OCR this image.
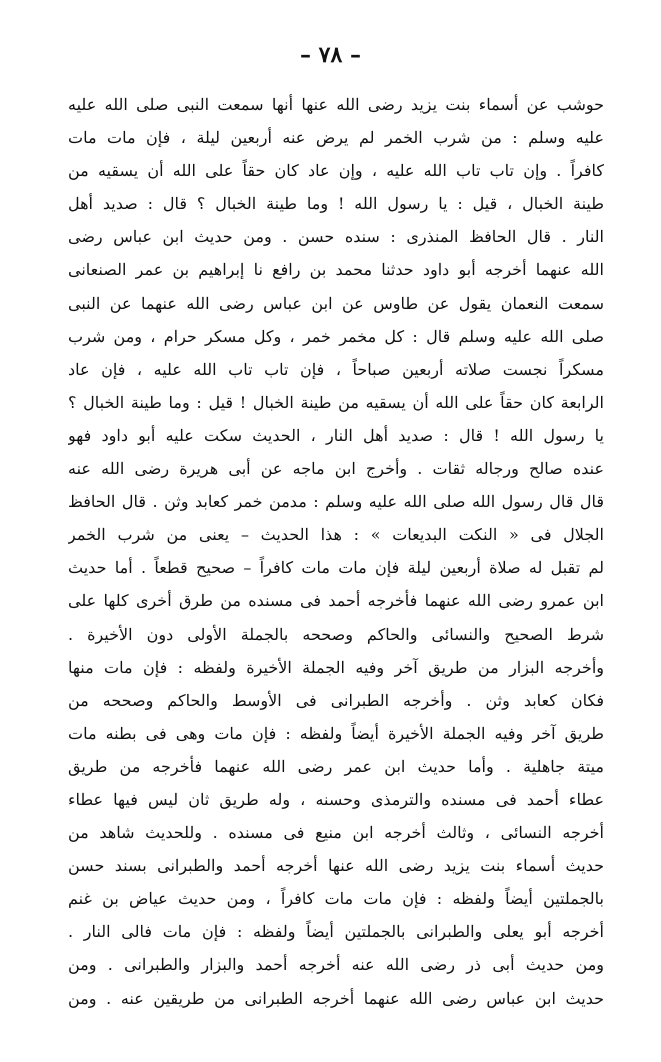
– ٧٨ –
حوشب عن أسماء بنت يزيد رضى الله عنها أنها سمعت النبى صلى الله عليه
عليه وسلم : من شرب الخمر لم يرض عنه أربعين ليلة ، فإن مات مات
كافراً . وإن تاب تاب الله عليه ، وإن عاد كان حقاً على الله أن يسقيه من
طينة الخبال ، قيل : يا رسول الله ! وما طينة الخبال ؟ قال : صديد أهل
النار . قال الحافظ المنذرى : سنده حسن . ومن حديث ابن عباس رضى
الله عنهما أخرجه أبو داود حدثنا محمد بن رافع نا إبراهيم بن عمر الصنعانى
سمعت النعمان يقول عن طاوس عن ابن عباس رضى الله عنهما عن النبى
صلى الله عليه وسلم قال : كل مخمر خمر ، وكل مسكر حرام ، ومن شرب
مسكراً نجست صلاته أربعين صباحاً ، فإن تاب تاب الله عليه ، فإن عاد
الرابعة كان حقاً على الله أن يسقيه من طينة الخبال ! قيل : وما طينة الخبال ؟
يا رسول الله ! قال : صديد أهل النار ، الحديث سكت عليه أبو داود فهو
عنده صالح ورجاله ثقات . وأخرج ابن ماجه عن أبى هريرة رضى الله عنه
قال قال رسول الله صلى الله عليه وسلم : مدمن خمر كعابد وثن . قال الحافظ
الجلال فى « النكت البديعات » : هذا الحديث – يعنى من شرب الخمر
لم تقبل له صلاة أربعين ليلة فإن مات مات كافراً – صحيح قطعاً . أما حديث
ابن عمرو رضى الله عنهما فأخرجه أحمد فى مسنده من طرق أخرى كلها على
شرط الصحيح والنسائى والحاكم وصححه بالجملة الأولى دون الأخيرة .
وأخرجه البزار من طريق آخر وفيه الجملة الأخيرة ولفظه : فإن مات منها
فكان كعابد وثن . وأخرجه الطبرانى فى الأوسط والحاكم وصححه من
طريق آخر وفيه الجملة الأخيرة أيضاً ولفظه : فإن مات وهى فى بطنه مات
ميتة جاهلية . وأما حديث ابن عمر رضى الله عنهما فأخرجه من طريق
عطاء أحمد فى مسنده والترمذى وحسنه ، وله طريق ثان ليس فيها عطاء
أخرجه النسائى ، وثالث أخرجه ابن منيع فى مسنده . وللحديث شاهد من
حديث أسماء بنت يزيد رضى الله عنها أخرجه أحمد والطبرانى بسند حسن
بالجملتين أيضاً ولفظه : فإن مات مات كافراً ، ومن حديث عياض بن غنم
أخرجه أبو يعلى والطبرانى بالجملتين أيضاً ولفظه : فإن مات فالى النار .
ومن حديث أبى ذر رضى الله عنه أخرجه أحمد والبزار والطبرانى . ومن
حديث ابن عباس رضى الله عنهما أخرجه الطبرانى من طريقين عنه . ومن
